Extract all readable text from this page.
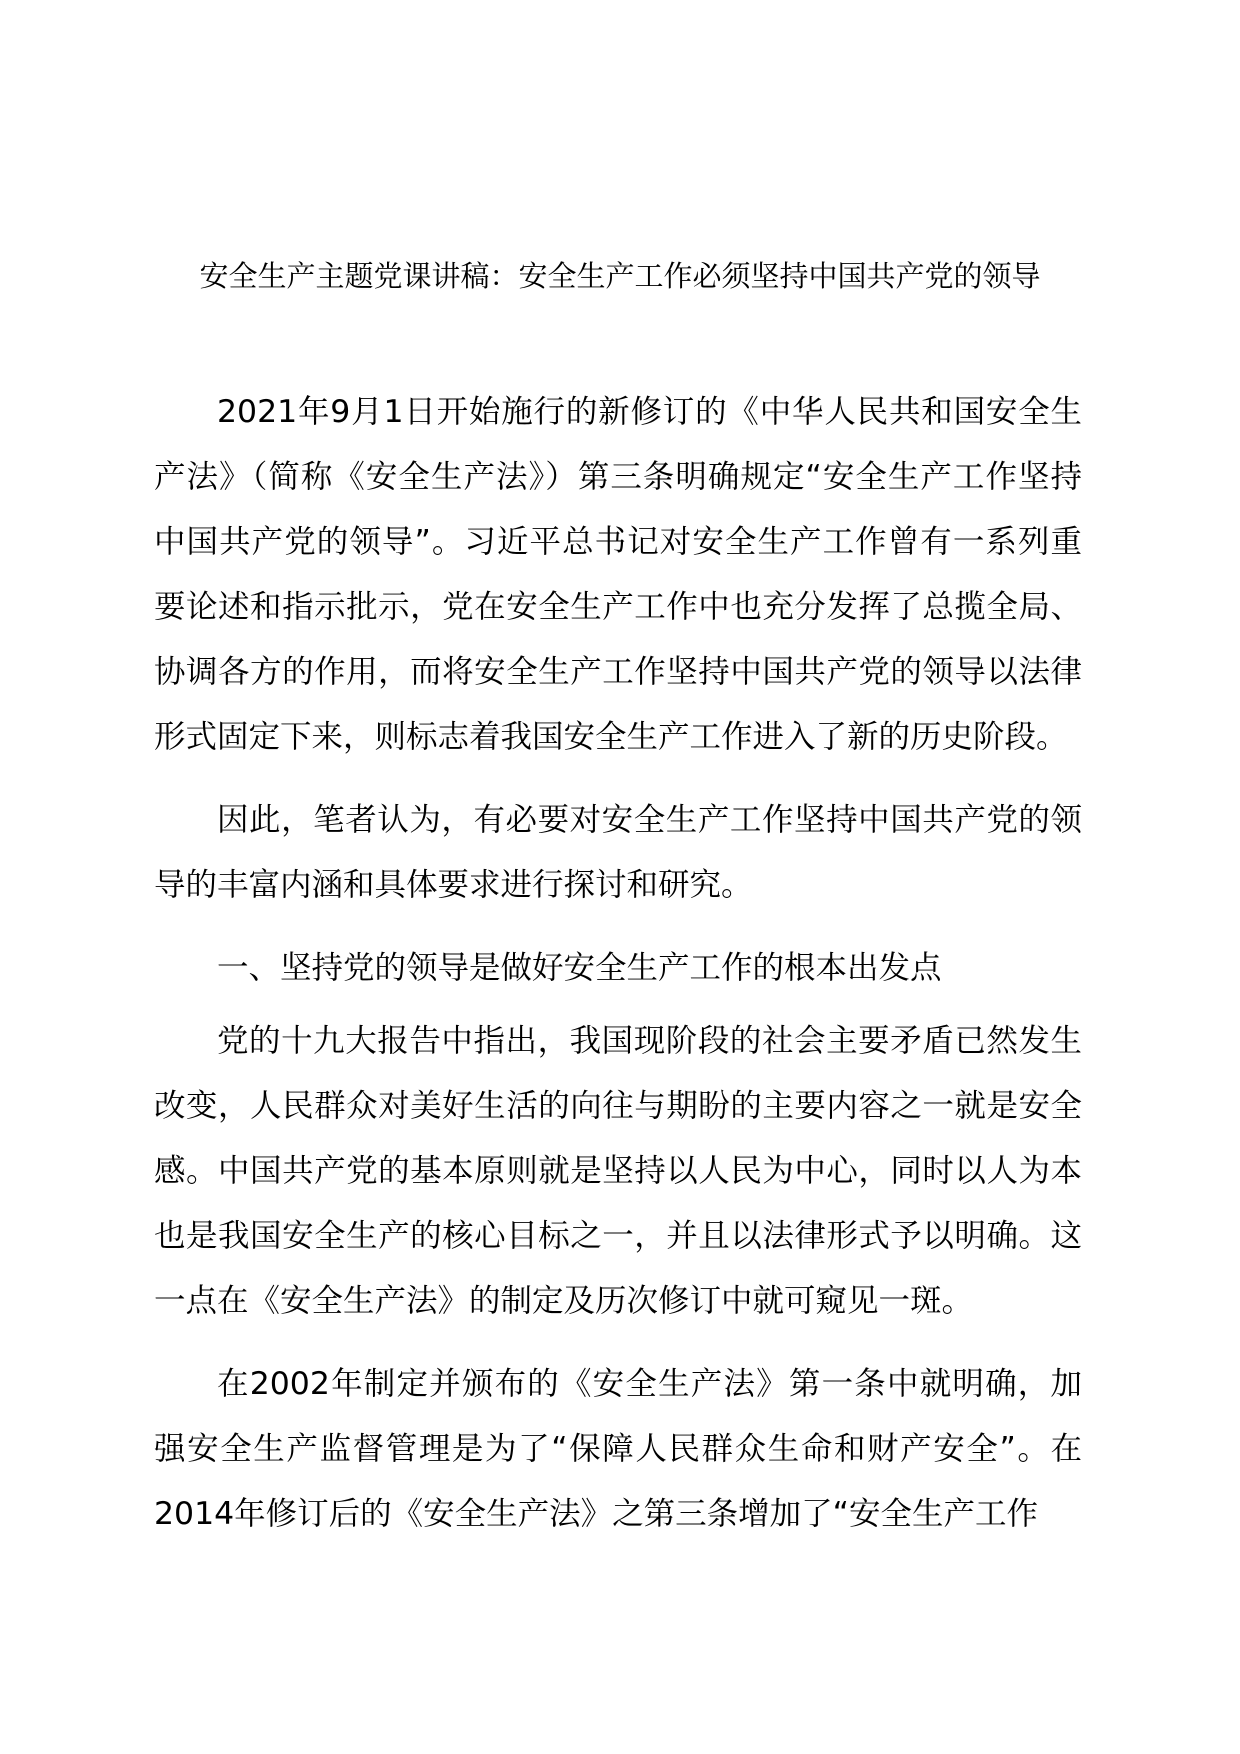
安全生产主题党课讲稿：安全生产工作必须坚持中国共产党的领导

2021年9月1日开始施行的新修订的《中华人民共和国安全生产法》（简称《安全生产法》）第三条明确规定“安全生产工作坚持中国共产党的领导”。习近平总书记对安全生产工作曾有一系列重要论述和指示批示，党在安全生产工作中也充分发挥了总揽全局、协调各方的作用，而将安全生产工作坚持中国共产党的领导以法律形式固定下来，则标志着我国安全生产工作进入了新的历史阶段。

因此，笔者认为，有必要对安全生产工作坚持中国共产党的领导的丰富内涵和具体要求进行探讨和研究。

一、坚持党的领导是做好安全生产工作的根本出发点

党的十九大报告中指出，我国现阶段的社会主要矛盾已然发生改变，人民群众对美好生活的向往与期盼的主要内容之一就是安全感。中国共产党的基本原则就是坚持以人民为中心，同时以人为本也是我国安全生产的核心目标之一，并且以法律形式予以明确。这一点在《安全生产法》的制定及历次修订中就可窥见一斑。

在2002年制定并颁布的《安全生产法》第一条中就明确，加强安全生产监督管理是为了“保障人民群众生命和财产安全”。在2014年修订后的《安全生产法》之第三条增加了“安全生产工作
